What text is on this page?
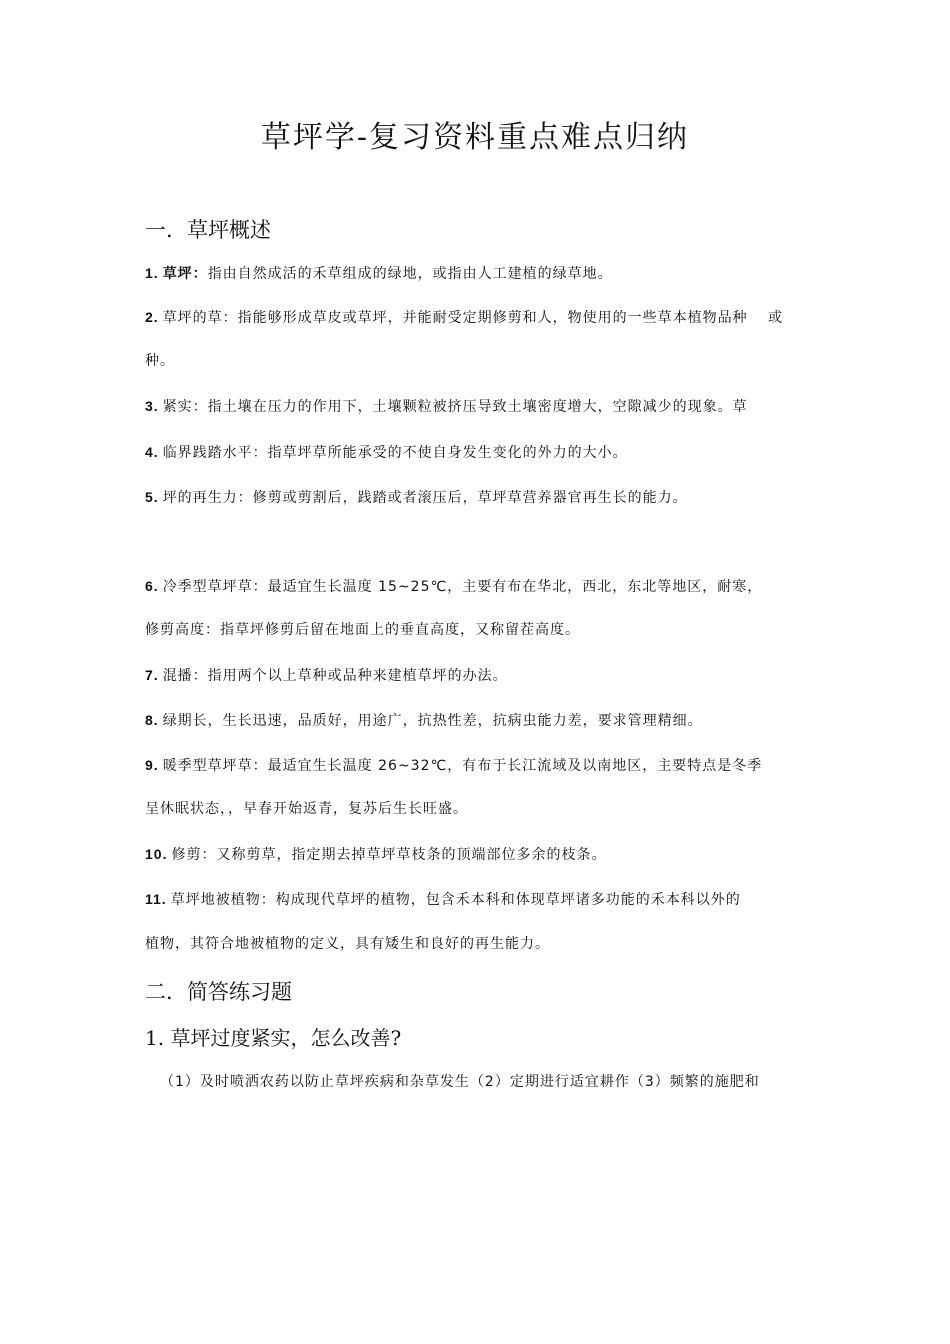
草坪学-复习资料重点难点归纳
一．草坪概述
1. 草坪：指由自然成活的禾草组成的绿地，或指由人工建植的绿草地。
2. 草坪的草：指能够形成草皮或草坪，并能耐受定期修剪和人，物使用的一些草本植物品种　 或
种。
3. 紧实：指土壤在压力的作用下，土壤颗粒被挤压导致土壤密度增大，空隙减少的现象。草
4. 临界践踏水平：指草坪草所能承受的不使自身发生变化的外力的大小。
5. 坪的再生力：修剪或剪割后，践踏或者滚压后，草坪草营养器官再生长的能力。
6. 冷季型草坪草：最适宜生长温度 15~25℃，主要有布在华北，西北，东北等地区，耐寒，
修剪高度：指草坪修剪后留在地面上的垂直高度，又称留茬高度。
7. 混播：指用两个以上草种或品种来建植草坪的办法。
8. 绿期长，生长迅速，品质好，用途广，抗热性差，抗病虫能力差，要求管理精细。
9. 暖季型草坪草：最适宜生长温度 26~32℃，有布于长江流域及以南地区，主要特点是冬季
呈休眠状态，，早春开始返青，复苏后生长旺盛。
10. 修剪：又称剪草，指定期去掉草坪草枝条的顶端部位多余的枝条。
11. 草坪地被植物：构成现代草坪的植物，包含禾本科和体现草坪诸多功能的禾本科以外的
植物，其符合地被植物的定义，具有矮生和良好的再生能力。
二．简答练习题
1. 草坪过度紧实，怎么改善?
（1）及时喷洒农药以防止草坪疾病和杂草发生（2）定期进行适宜耕作（3）频繁的施肥和
